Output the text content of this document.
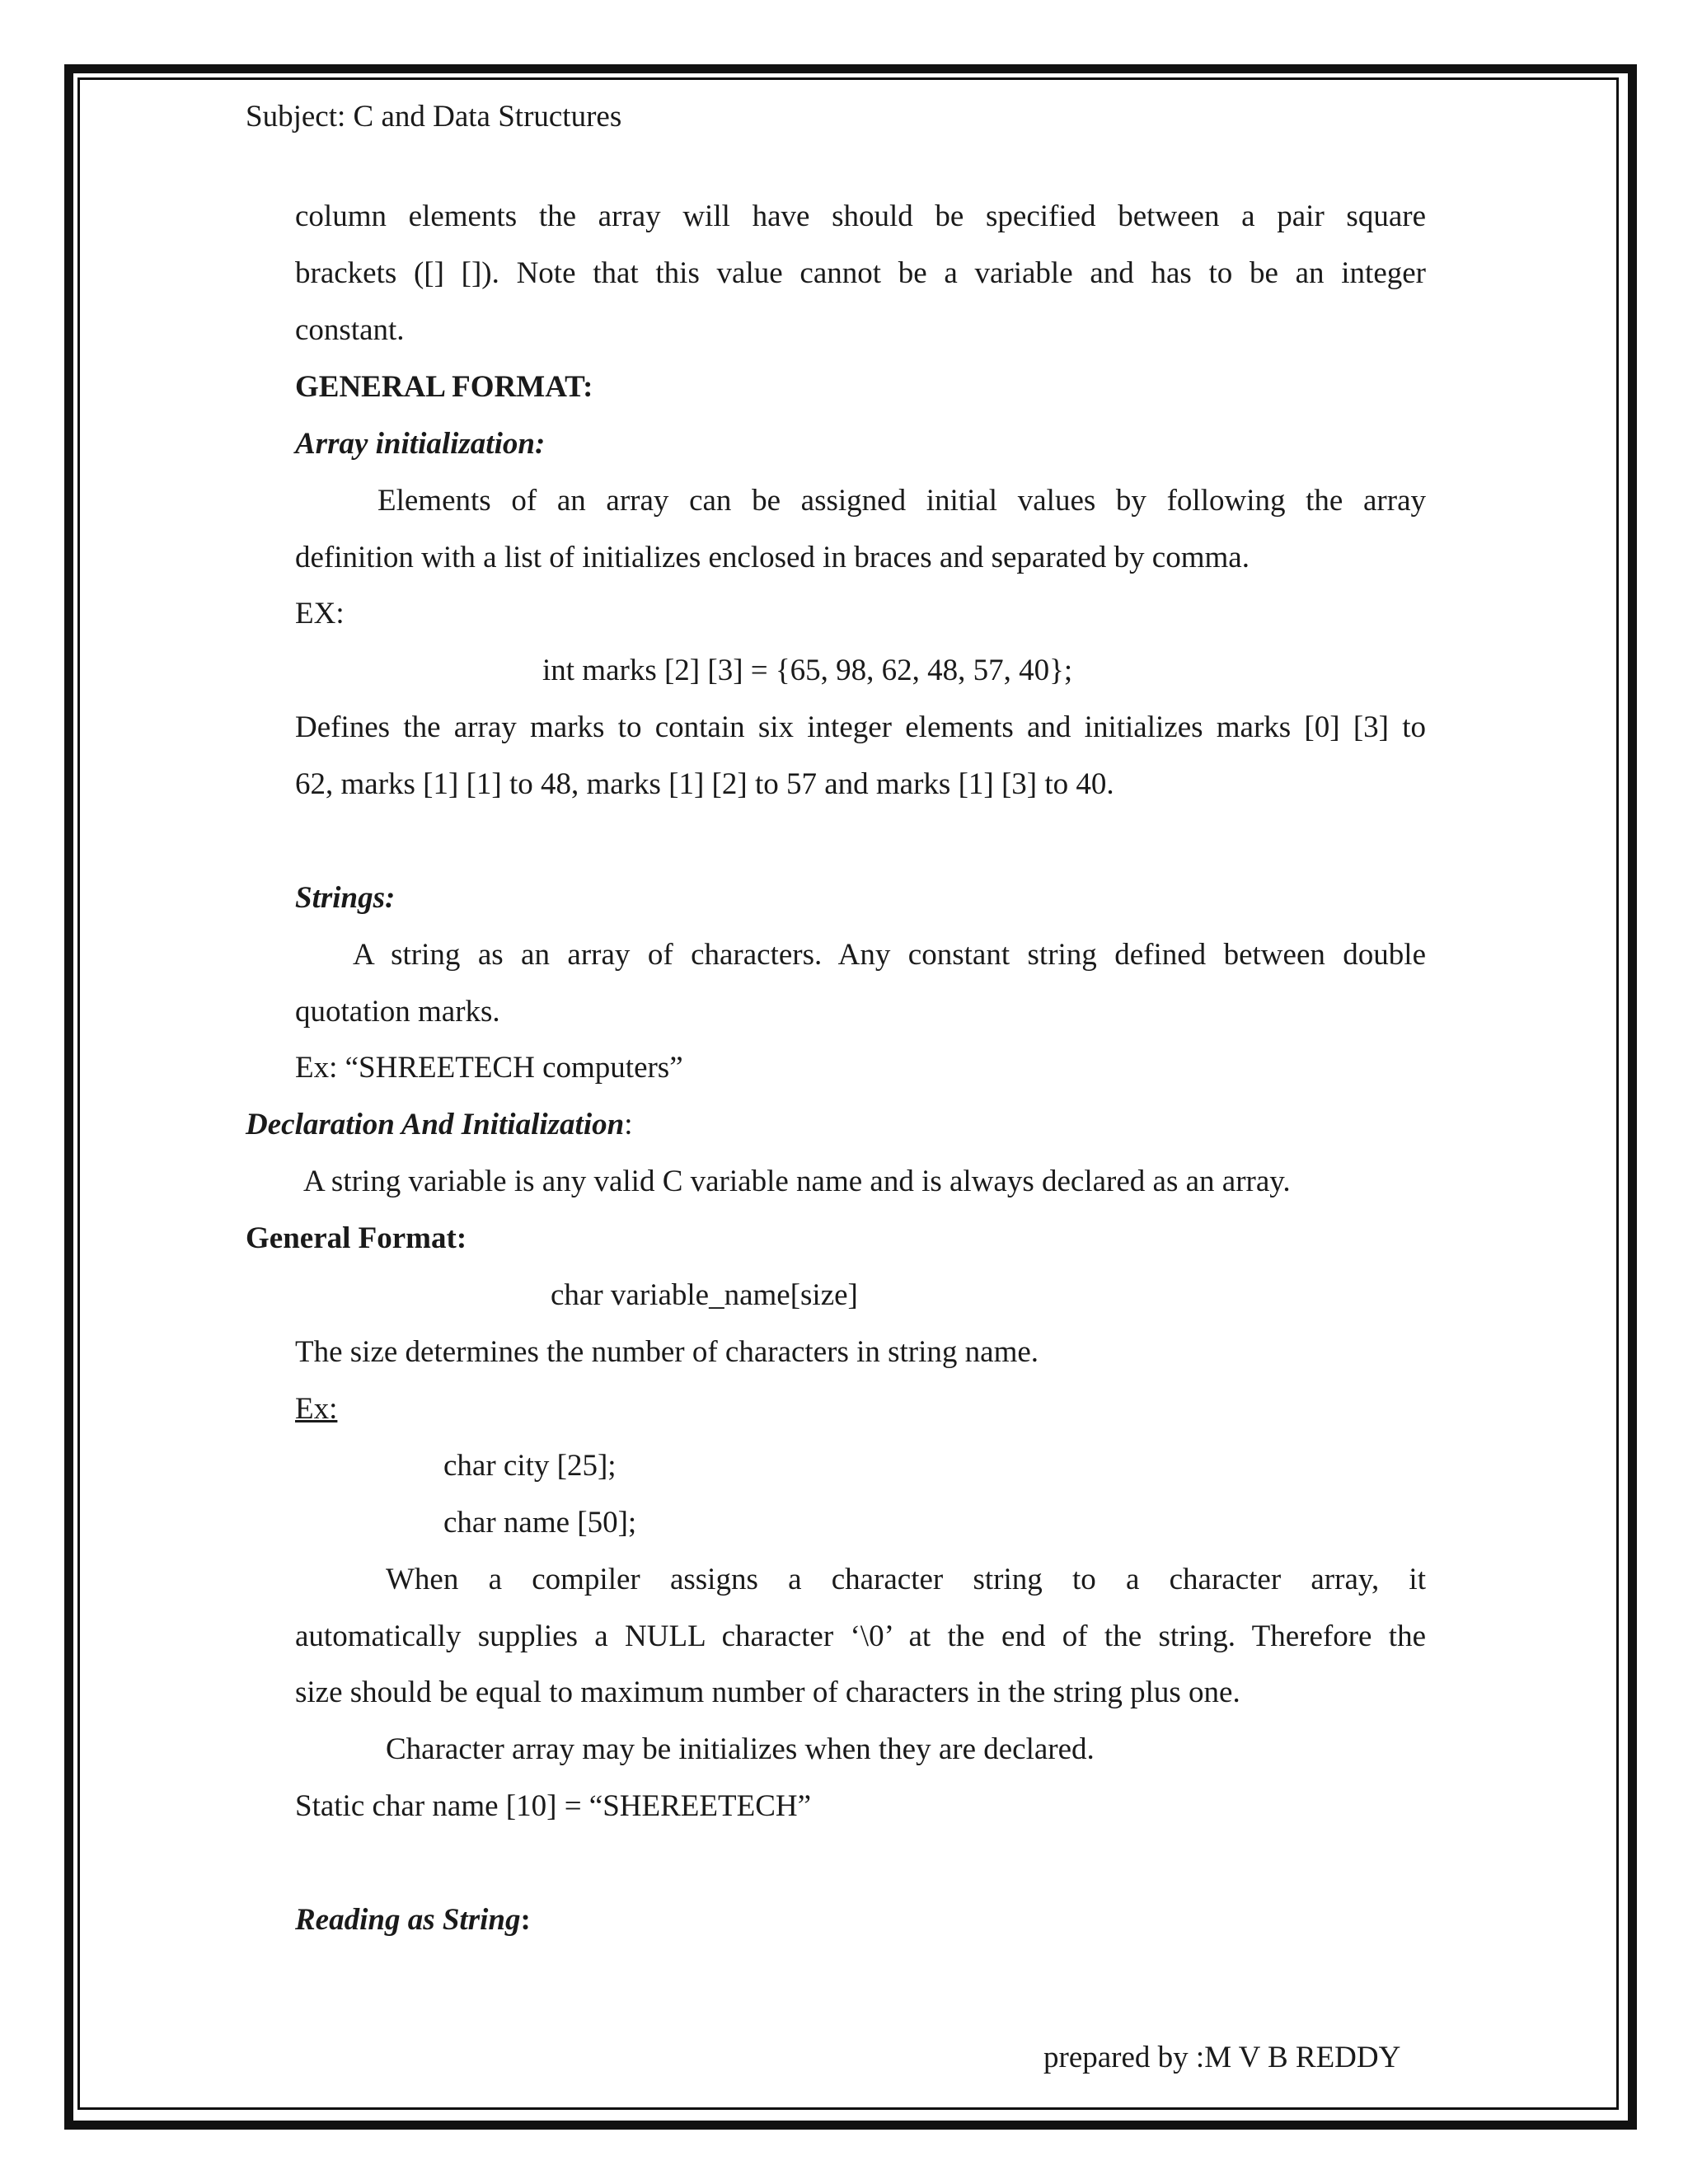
Subject: C and Data Structures
column elements the array will have should be specified between a pair square
brackets ([] []). Note that this value cannot be a variable and has to be an integer
constant.
GENERAL FORMAT:
Array initialization:
Elements of an array can be assigned initial values by following the array
definition with a list of initializes enclosed in braces and separated by comma.
EX:
int marks [2] [3] = {65, 98, 62, 48, 57, 40};
Defines the array marks to contain six integer elements and initializes marks [0] [3] to
62, marks [1] [1] to 48, marks [1] [2] to 57 and marks [1] [3] to 40.
Strings:
A string as an array of characters. Any constant string defined between double
quotation marks.
Ex: “SHREETECH computers”
Declaration And Initialization:
A string variable is any valid C variable name and is always declared as an array.
General Format:
char variable_name[size]
The size determines the number of characters in string name.
Ex:
char city [25];
char name [50];
When a compiler assigns a character string to a character array, it
automatically supplies a NULL character ‘\0’ at the end of the string. Therefore the
size should be equal to maximum number of characters in the string plus one.
Character array may be initializes when they are declared.
Static char name [10] = “SHEREETECH”
Reading as String:
prepared by :M V B REDDY
